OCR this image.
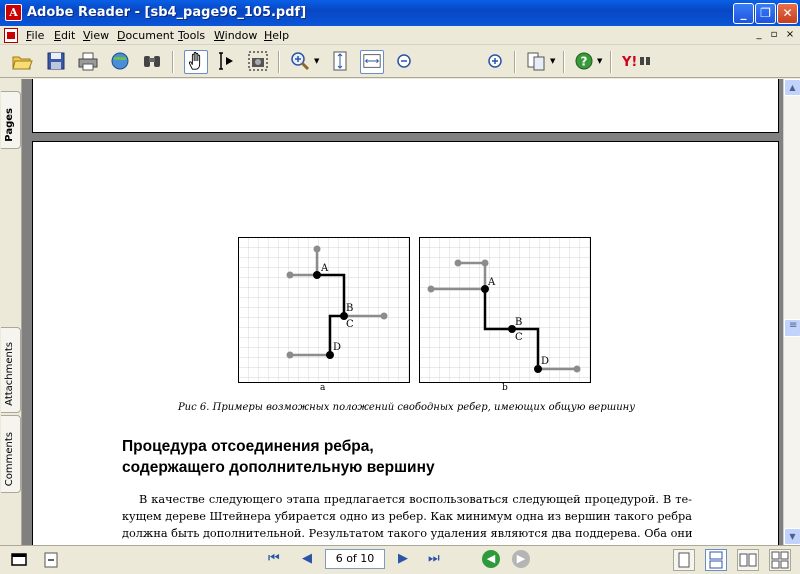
A Adobe Reader - [sb4_page96_105.pdf]	_	❐ ✕
File Edit View Document Tools Window Help	_ ▫ ×
▼	▼ ? ▼ Y!
Pages
Attachments
Comments
A
B
C
D
a
A
B
C
D
b
Рис 6. Примеры возможных положений свободных ребер, имеющих общую вершину
Процедура отсоединения ребра,
содержащего дополнительную вершину
В качестве следующего этапа предлагается воспользоваться следующей процедурой. В те-
кущем дереве Штейнера убирается одно из ребер. Как минимум одна из вершин такого ребра
должна быть дополнительной. Результатом такого удаления являются два поддерева. Оба они
▲
≡
▼
⏮ ◀	6 of 10	▶ ⏭	◀	▶
